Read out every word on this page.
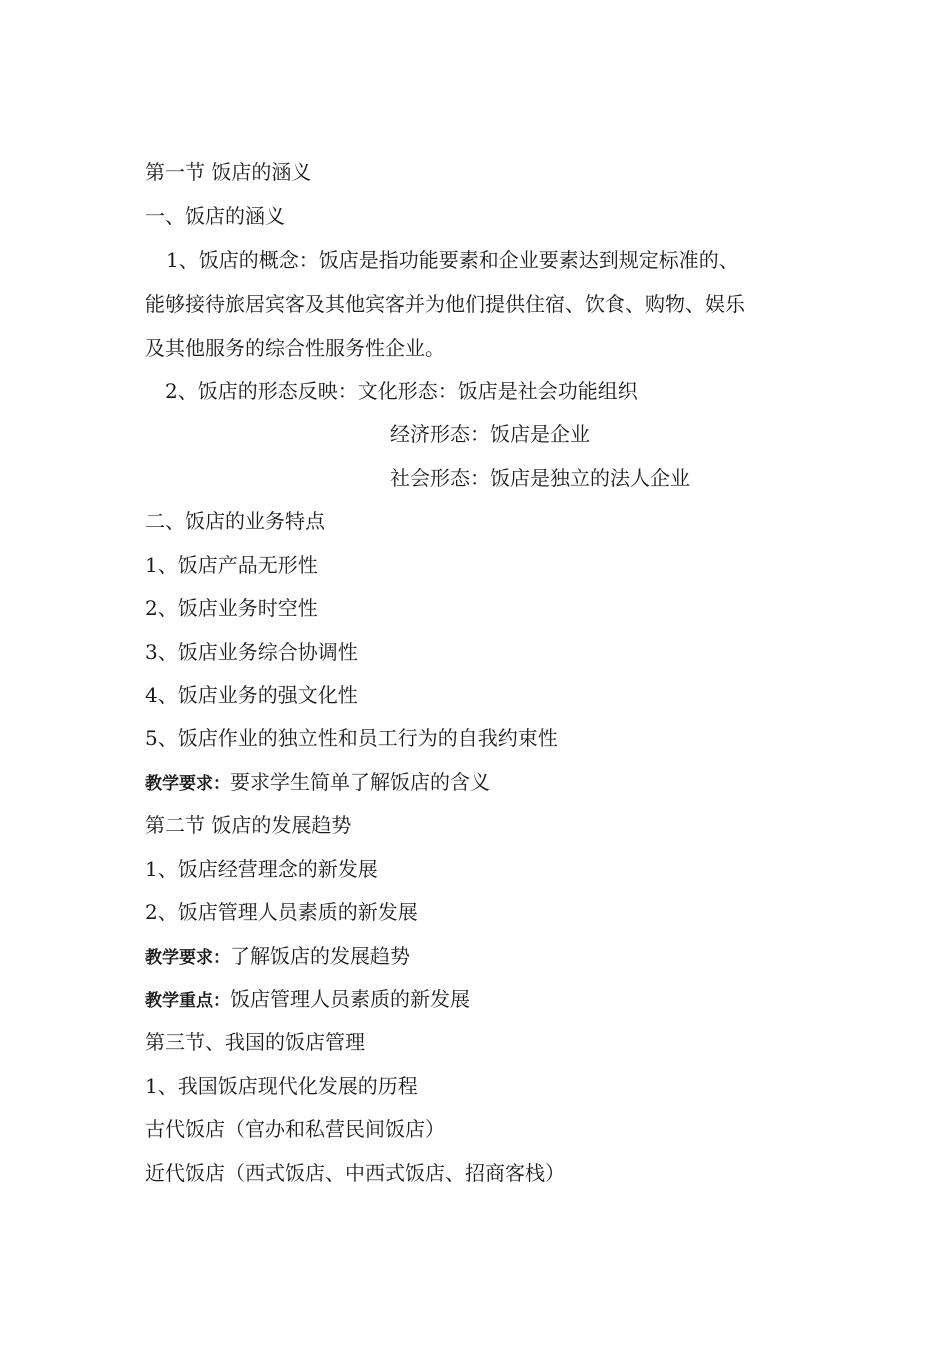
第一节 饭店的涵义
一、饭店的涵义
1、饭店的概念：饭店是指功能要素和企业要素达到规定标准的、
能够接待旅居宾客及其他宾客并为他们提供住宿、饮食、购物、娱乐
及其他服务的综合性服务性企业。
2、饭店的形态反映：文化形态：饭店是社会功能组织
经济形态：饭店是企业
社会形态：饭店是独立的法人企业
二、饭店的业务特点
1、饭店产品无形性
2、饭店业务时空性
3、饭店业务综合协调性
4、饭店业务的强文化性
5、饭店作业的独立性和员工行为的自我约束性
教学要求：要求学生简单了解饭店的含义
第二节 饭店的发展趋势
1、饭店经营理念的新发展
2、饭店管理人员素质的新发展
教学要求：了解饭店的发展趋势
教学重点：饭店管理人员素质的新发展
第三节、我国的饭店管理
1、我国饭店现代化发展的历程
古代饭店（官办和私营民间饭店）
近代饭店（西式饭店、中西式饭店、招商客栈）
